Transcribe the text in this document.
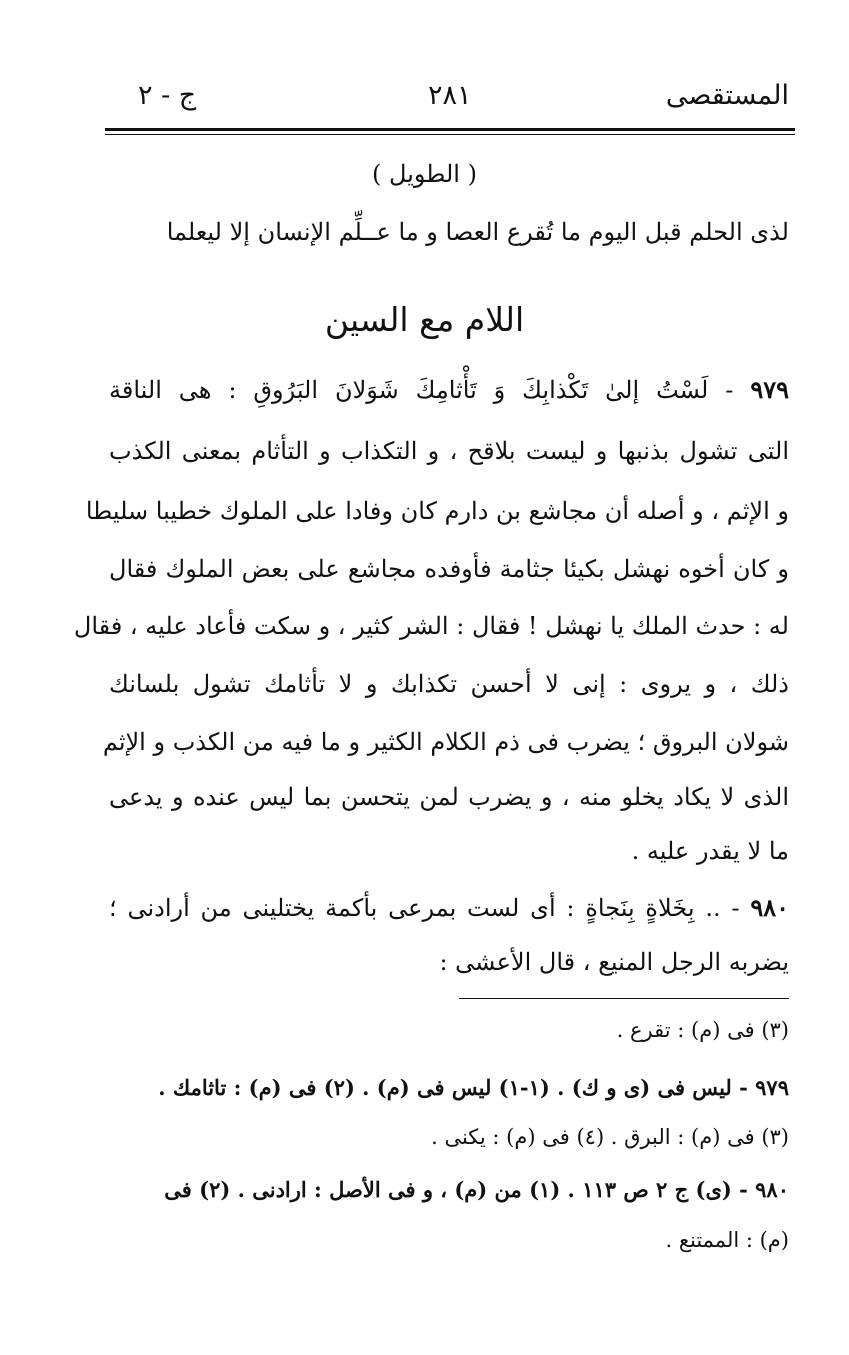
المستقصى
٢٨١
ج - ٢
( الطويل )
لذى الحلم قبل اليوم ما تُقرع العصا و ما عــلِّم الإنسان إلا ليعلما
اللام مع السين
٩٧٩ - لَسْتُ إلىٰ تَكْذابِكَ وَ تَأْثامِكَ شَوَلانَ البَرُوقِ : هى الناقة
التى تشول بذنبها و ليست بلاقح ، و التكذاب و التأثام بمعنى الكذب
و الإثم ، و أصله أن مجاشع بن دارم كان وفادا على الملوك خطيبا سليطا
و كان أخوه نهشل بكيئا جثامة فأوفده مجاشع على بعض الملوك فقال
له : حدث الملك يا نهشل ! فقال : الشر كثير ، و سكت فأعاد عليه ، فقال
ذلك ، و يروى : إنى لا أحسن تكذابك و لا تأثامك تشول بلسانك
شولان البروق ؛ يضرب فى ذم الكلام الكثير و ما فيه من الكذب و الإثم
الذى لا يكاد يخلو منه ، و يضرب لمن يتحسن بما ليس عنده و يدعى
ما لا يقدر عليه .
٩٨٠ - .. بِخَلاةٍ بِنَجاةٍ : أى لست بمرعى بأكمة يختلينى من أرادنى ؛
يضربه الرجل المنيع ، قال الأعشى :
(٣) فى (م) : تقرع .
٩٧٩ - ليس فى (ى و ك) . (١-١) ليس فى (م) . (٢) فى (م) : تاثامك .
(٣) فى (م) : البرق . (٤) فى (م) : يكنى .
٩٨٠ - (ى) ج ٢ ص ١١٣ . (١) من (م) ، و فى الأصل : ارادنى . (٢) فى
(م) : الممتنع .
